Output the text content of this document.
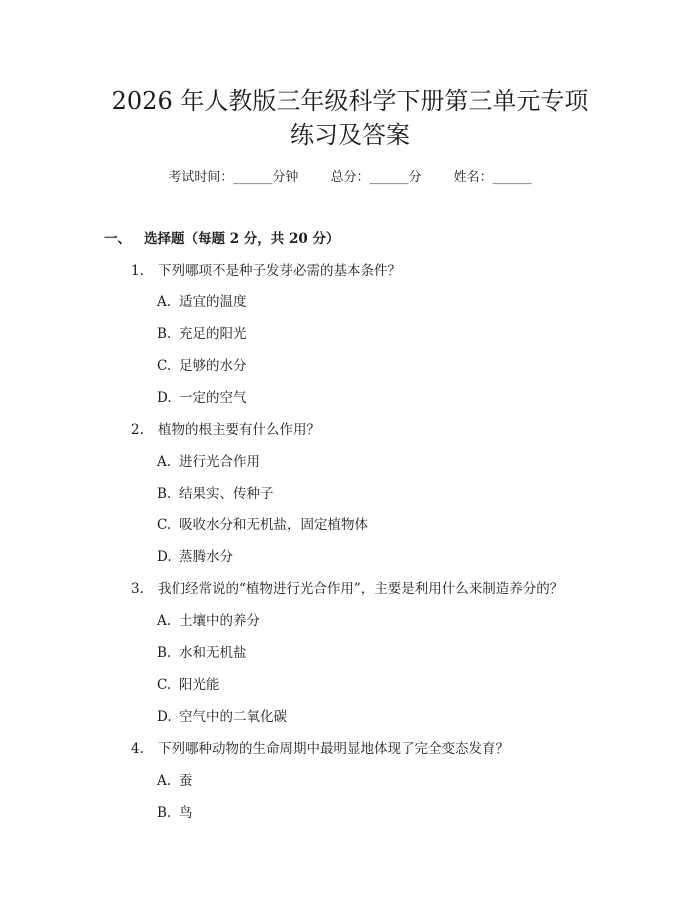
2026 年人教版三年级科学下册第三单元专项
练习及答案
考试时间：______分钟 总分：______分 姓名：______
一、 选择题（每题 2 分，共 20 分）
1. 下列哪项不是种子发芽必需的基本条件？
A. 适宜的温度
B. 充足的阳光
C. 足够的水分
D. 一定的空气
2. 植物的根主要有什么作用？
A. 进行光合作用
B. 结果实、传种子
C. 吸收水分和无机盐，固定植物体
D. 蒸腾水分
3. 我们经常说的“植物进行光合作用”，主要是利用什么来制造养分的？
A. 土壤中的养分
B. 水和无机盐
C. 阳光能
D. 空气中的二氧化碳
4. 下列哪种动物的生命周期中最明显地体现了完全变态发育？
A. 蚕
B. 鸟
